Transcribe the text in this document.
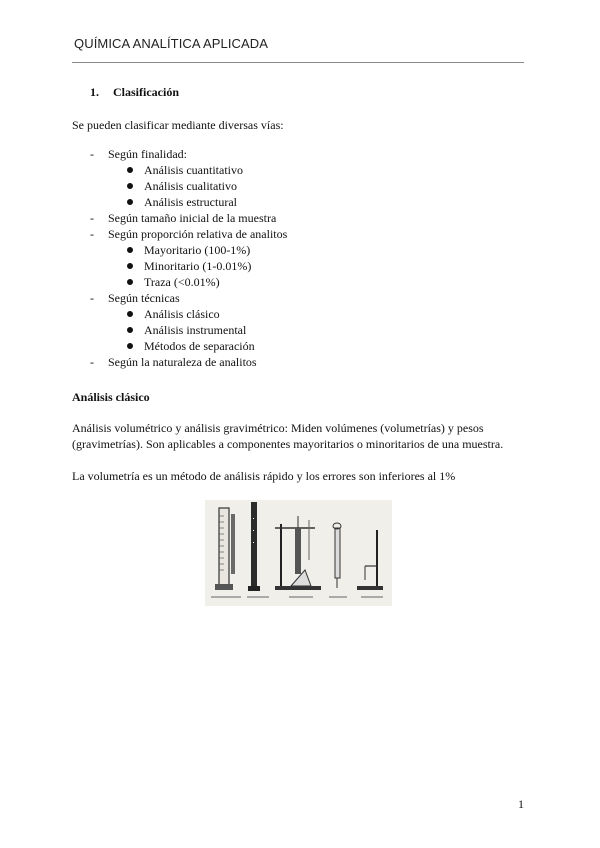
QUÍMICA ANALÍTICA APLICADA
1. Clasificación
Se pueden clasificar mediante diversas vías:
-	Según finalidad:
Análisis cuantitativo
Análisis cualitativo
Análisis estructural
-	Según tamaño inicial de la muestra
-	Según proporción relativa de analitos
Mayoritario (100-1%)
Minoritario (1-0.01%)
Traza (<0.01%)
-	Según técnicas
Análisis clásico
Análisis instrumental
Métodos de separación
-	Según la naturaleza de analitos
Análisis clásico
Análisis volumétrico y análisis gravimétrico: Miden volúmenes (volumetrías) y pesos (gravimetrías). Son aplicables a componentes mayoritarios o minoritarios de una muestra.
La volumetría es un método de análisis rápido y los errores son inferiores al 1%
1
